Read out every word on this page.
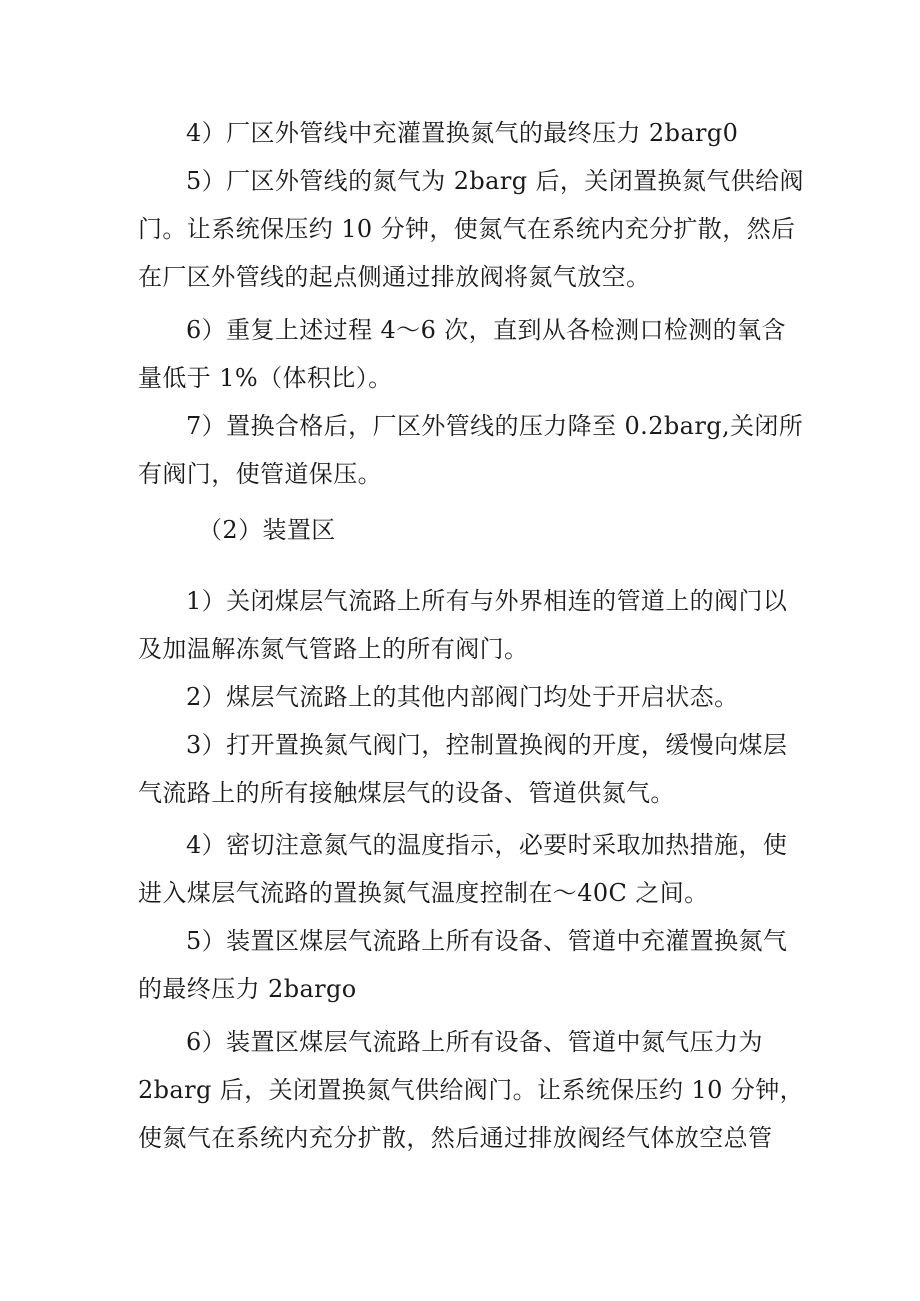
4）厂区外管线中充灌置换氮气的最终压力 2barg0
5）厂区外管线的氮气为 2barg 后，关闭置换氮气供给阀
门。让系统保压约 10 分钟，使氮气在系统内充分扩散，然后
在厂区外管线的起点侧通过排放阀将氮气放空。
6）重复上述过程 4～6 次，直到从各检测口检测的氧含
量低于 1%（体积比）。
7）置换合格后，厂区外管线的压力降至 0.2barg,关闭所
有阀门，使管道保压。
（2）装置区
1）关闭煤层气流路上所有与外界相连的管道上的阀门以
及加温解冻氮气管路上的所有阀门。
2）煤层气流路上的其他内部阀门均处于开启状态。
3）打开置换氮气阀门，控制置换阀的开度，缓慢向煤层
气流路上的所有接触煤层气的设备、管道供氮气。
4）密切注意氮气的温度指示，必要时采取加热措施，使
进入煤层气流路的置换氮气温度控制在～40C 之间。
5）装置区煤层气流路上所有设备、管道中充灌置换氮气
的最终压力 2bargo
6）装置区煤层气流路上所有设备、管道中氮气压力为
2barg 后，关闭置换氮气供给阀门。让系统保压约 10 分钟，
使氮气在系统内充分扩散，然后通过排放阀经气体放空总管
